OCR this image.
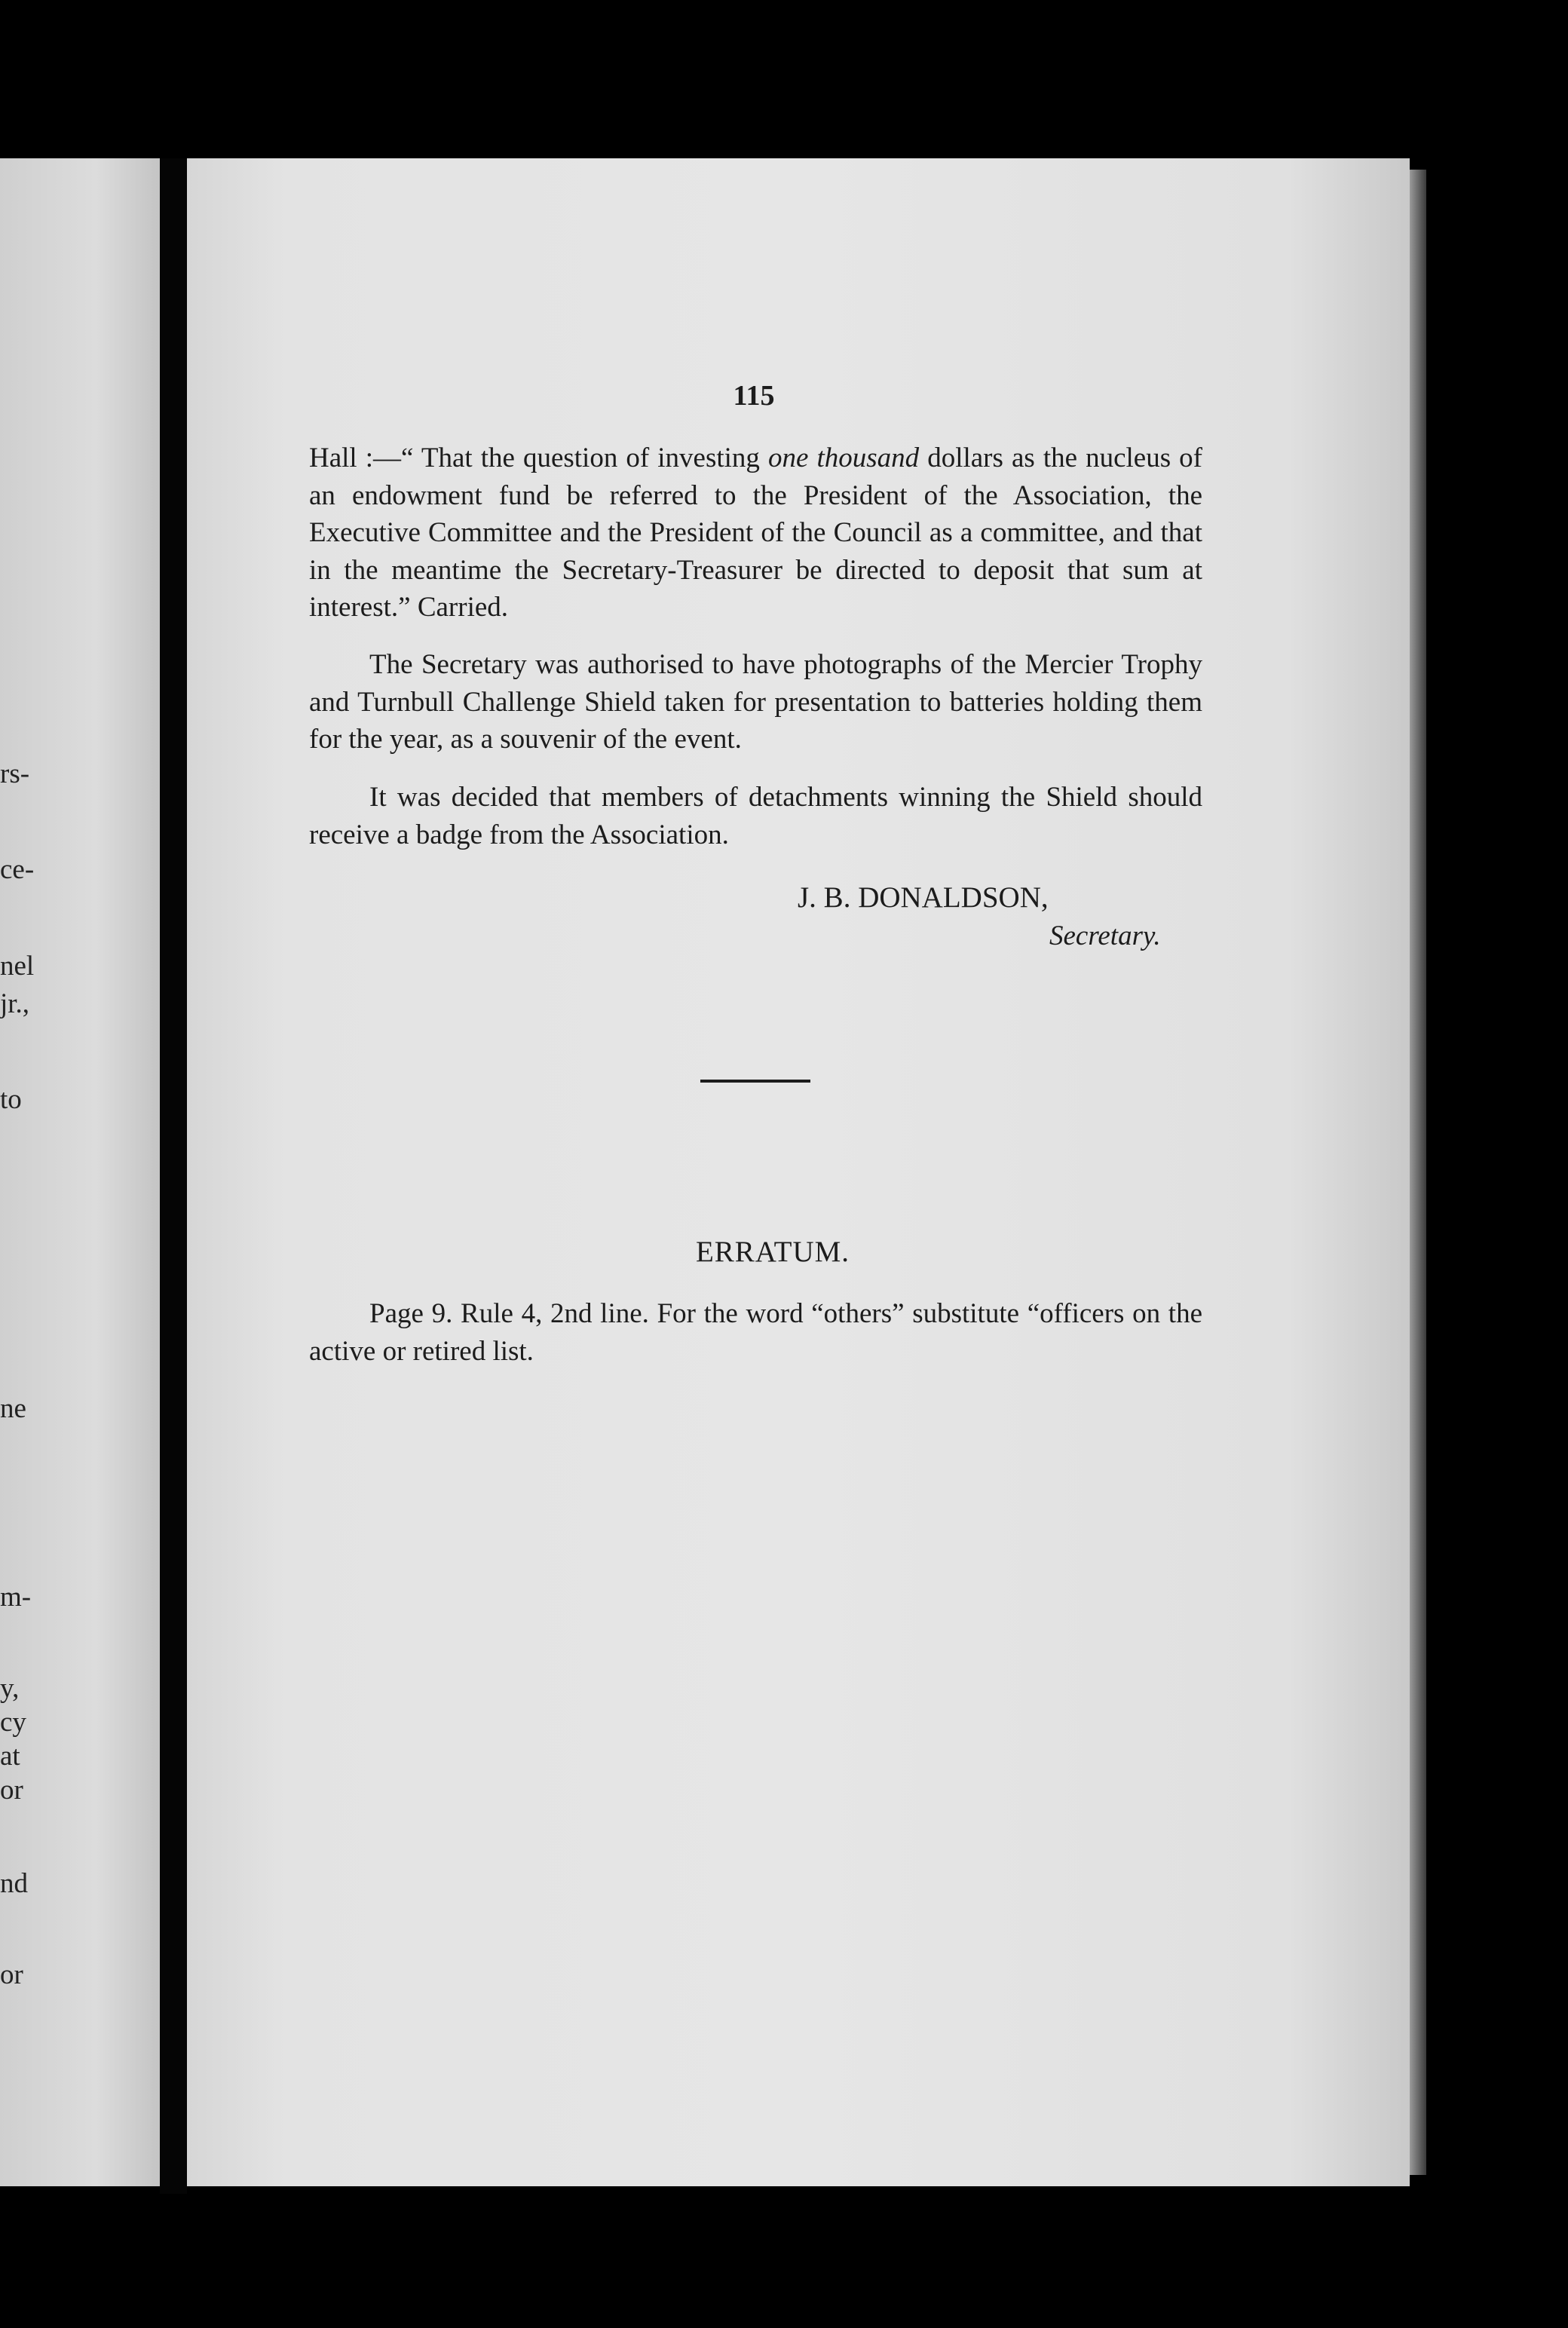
rs-
ce-
nel
jr.,
to
ne
m-
y,
cy
at
or
nd
or
115
Hall :—“ That the question of investing one thousand dollars as the nucleus of an endowment fund be referred to the President of the Association, the Executive Committee and the President of the Council as a committee, and that in the meantime the Secretary-Treasurer be directed to deposit that sum at interest.” Carried.
The Secretary was authorised to have photographs of the Mercier Trophy and Turnbull Challenge Shield taken for presentation to batteries holding them for the year, as a souvenir of the event.
It was decided that members of detachments winning the Shield should receive a badge from the Association.
J. B. DONALDSON,
Secretary.
ERRATUM.
Page 9. Rule 4, 2nd line. For the word “others” substitute “officers on the active or retired list.
